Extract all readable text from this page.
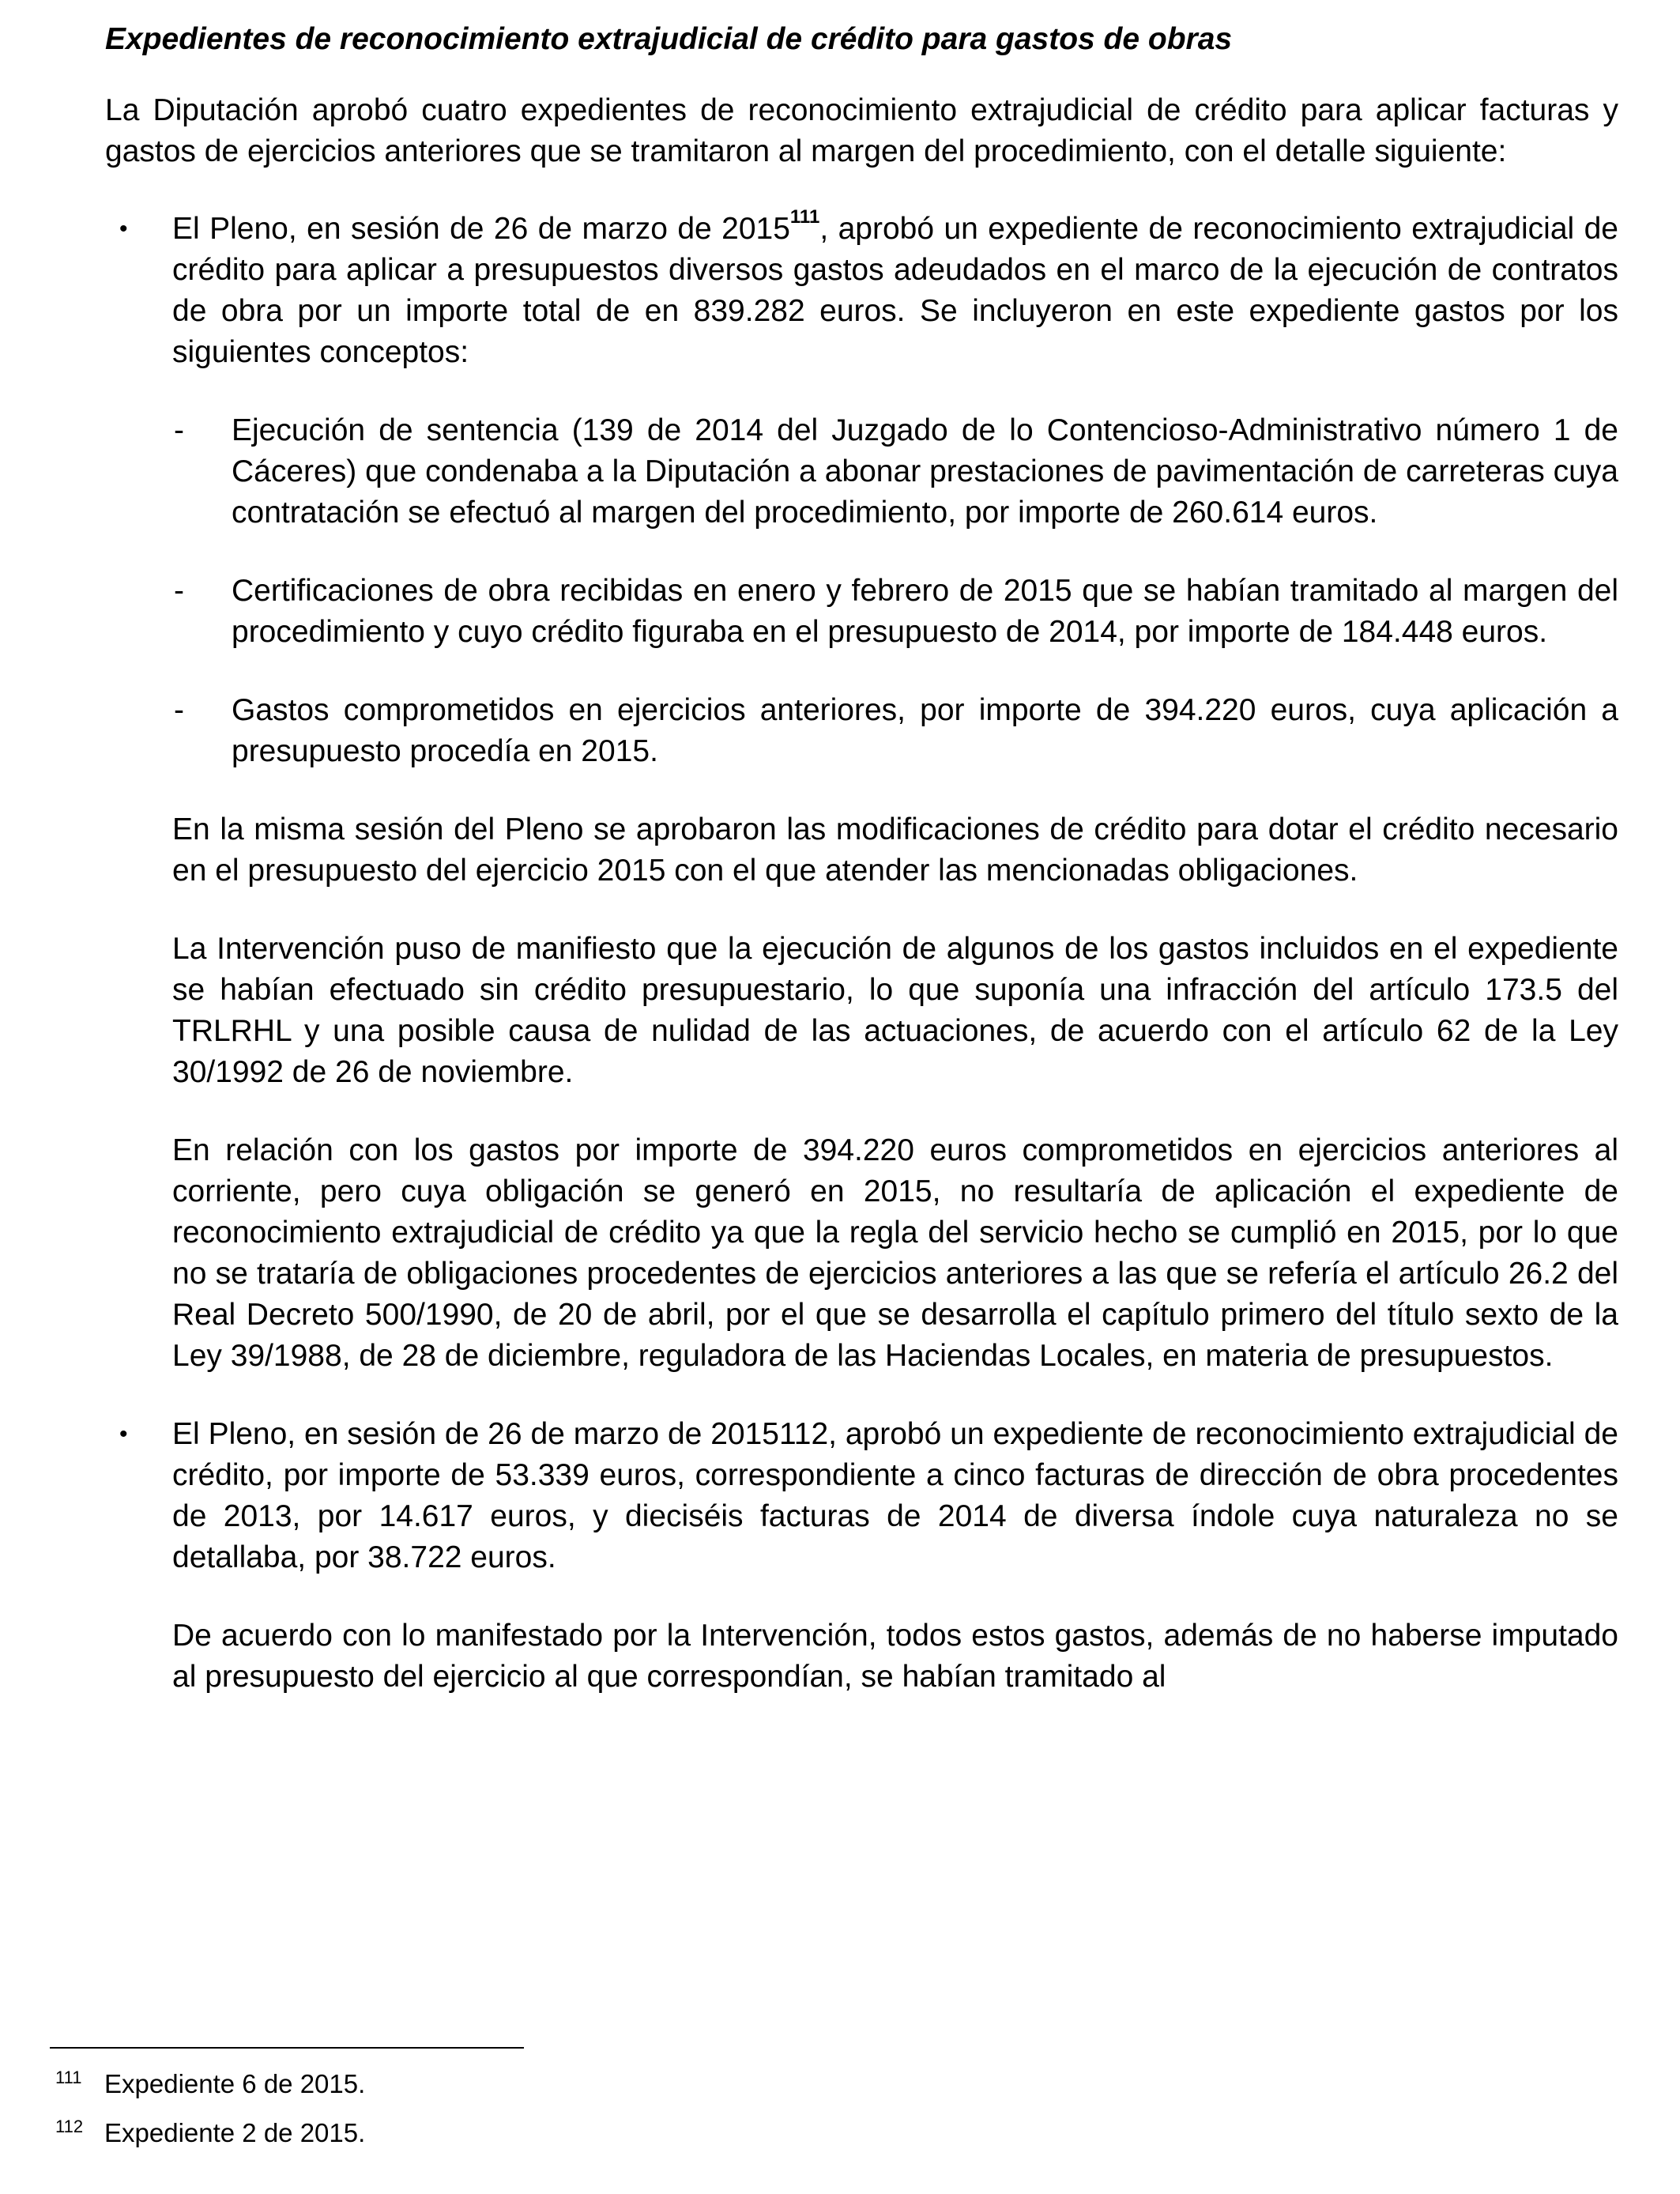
Expedientes de reconocimiento extrajudicial de crédito para gastos de obras

La Diputación aprobó cuatro expedientes de reconocimiento extrajudicial de crédito para aplicar facturas y gastos de ejercicios anteriores que se tramitaron al margen del procedimiento, con el detalle siguiente:

• El Pleno, en sesión de 26 de marzo de 2015$^{111}$, aprobó un expediente de reconocimiento extrajudicial de crédito para aplicar a presupuestos diversos gastos adeudados en el marco de la ejecución de contratos de obra por un importe total de en 839.282 euros. Se incluyeron en este expediente gastos por los siguientes conceptos:

- Ejecución de sentencia (139 de 2014 del Juzgado de lo Contencioso-Administrativo número 1 de Cáceres) que condenaba a la Diputación a abonar prestaciones de pavimentación de carreteras cuya contratación se efectuó al margen del procedimiento, por importe de 260.614 euros.

- Certificaciones de obra recibidas en enero y febrero de 2015 que se habían tramitado al margen del procedimiento y cuyo crédito figuraba en el presupuesto de 2014, por importe de 184.448 euros.

- Gastos comprometidos en ejercicios anteriores, por importe de 394.220 euros, cuya aplicación a presupuesto procedía en 2015.

En la misma sesión del Pleno se aprobaron las modificaciones de crédito para dotar el crédito necesario en el presupuesto del ejercicio 2015 con el que atender las mencionadas obligaciones.

La Intervención puso de manifiesto que la ejecución de algunos de los gastos incluidos en el expediente se habían efectuado sin crédito presupuestario, lo que suponía una infracción del artículo 173.5 del TRLRHL y una posible causa de nulidad de las actuaciones, de acuerdo con el artículo 62 de la Ley 30/1992 de 26 de noviembre.

En relación con los gastos por importe de 394.220 euros comprometidos en ejercicios anteriores al corriente, pero cuya obligación se generó en 2015, no resultaría de aplicación el expediente de reconocimiento extrajudicial de crédito ya que la regla del servicio hecho se cumplió en 2015, por lo que no se trataría de obligaciones procedentes de ejercicios anteriores a las que se refería el artículo 26.2 del Real Decreto 500/1990, de 20 de abril, por el que se desarrolla el capítulo primero del título sexto de la Ley 39/1988, de 28 de diciembre, reguladora de las Haciendas Locales, en materia de presupuestos.

• El Pleno, en sesión de 26 de marzo de 2015112, aprobó un expediente de reconocimiento extrajudicial de crédito, por importe de 53.339 euros, correspondiente a cinco facturas de dirección de obra procedentes de 2013, por 14.617 euros, y dieciséis facturas de 2014 de diversa índole cuya naturaleza no se detallaba, por 38.722 euros.

De acuerdo con lo manifestado por la Intervención, todos estos gastos, además de no haberse imputado al presupuesto del ejercicio al que correspondían, se habían tramitado al

111 Expediente 6 de 2015.
112 Expediente 2 de 2015.
